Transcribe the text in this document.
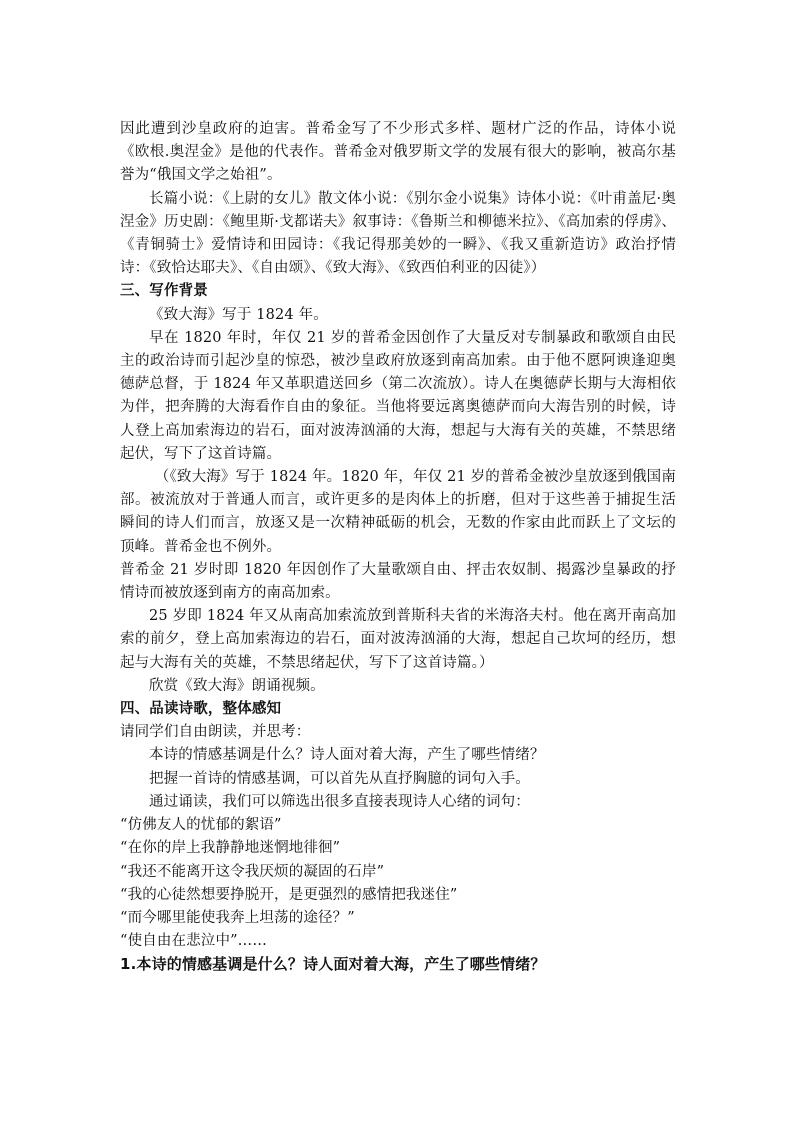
因此遭到沙皇政府的迫害。普希金写了不少形式多样、题材广泛的作品，诗体小说《欧根.奥涅金》是他的代表作。普希金对俄罗斯文学的发展有很大的影响，被高尔基誉为“俄国文学之始祖”。

长篇小说：《上尉的女儿》散文体小说：《别尔金小说集》诗体小说：《叶甫盖尼·奥涅金》历史剧：《鲍里斯·戈都诺夫》叙事诗：《鲁斯兰和柳德米拉》、《高加索的俘虏》、《青铜骑士》爱情诗和田园诗：《我记得那美妙的一瞬》、《我又重新造访》政治抒情诗：《致恰达耶夫》、《自由颂》、《致大海》、《致西伯利亚的囚徒》）

三、写作背景

《致大海》写于 1824 年。

早在 1820 年时，年仅 21 岁的普希金因创作了大量反对专制暴政和歌颂自由民主的政治诗而引起沙皇的惊恐，被沙皇政府放逐到南高加索。由于他不愿阿谀逢迎奥德萨总督，于 1824 年又革职遣送回乡（第二次流放）。诗人在奥德萨长期与大海相依为伴，把奔腾的大海看作自由的象征。当他将要远离奥德萨而向大海告别的时候，诗人登上高加索海边的岩石，面对波涛汹涌的大海，想起与大海有关的英雄，不禁思绪起伏，写下了这首诗篇。

（《致大海》写于 1824 年。1820 年，年仅 21 岁的普希金被沙皇放逐到俄国南部。被流放对于普通人而言，或许更多的是肉体上的折磨，但对于这些善于捕捉生活瞬间的诗人们而言，放逐又是一次精神砥砺的机会，无数的作家由此而跃上了文坛的顶峰。普希金也不例外。

普希金 21 岁时即 1820 年因创作了大量歌颂自由、抨击农奴制、揭露沙皇暴政的抒情诗而被放逐到南方的南高加索。

25 岁即 1824 年又从南高加索流放到普斯科夫省的米海洛夫村。他在离开南高加索的前夕，登上高加索海边的岩石，面对波涛汹涌的大海，想起自己坎坷的经历，想起与大海有关的英雄，不禁思绪起伏，写下了这首诗篇。）

欣赏《致大海》朗诵视频。

四、品读诗歌，整体感知

请同学们自由朗读，并思考：

本诗的情感基调是什么？诗人面对着大海，产生了哪些情绪？

把握一首诗的情感基调，可以首先从直抒胸臆的词句入手。

通过诵读，我们可以筛选出很多直接表现诗人心绪的词句：

“仿佛友人的忧郁的絮语”

“在你的岸上我静静地迷惘地徘徊”

“我还不能离开这令我厌烦的凝固的石岸”

“我的心徒然想要挣脱开，是更强烈的感情把我迷住”

“而今哪里能使我奔上坦荡的途径？”

“使自由在悲泣中”……

1.本诗的情感基调是什么？诗人面对着大海，产生了哪些情绪？
